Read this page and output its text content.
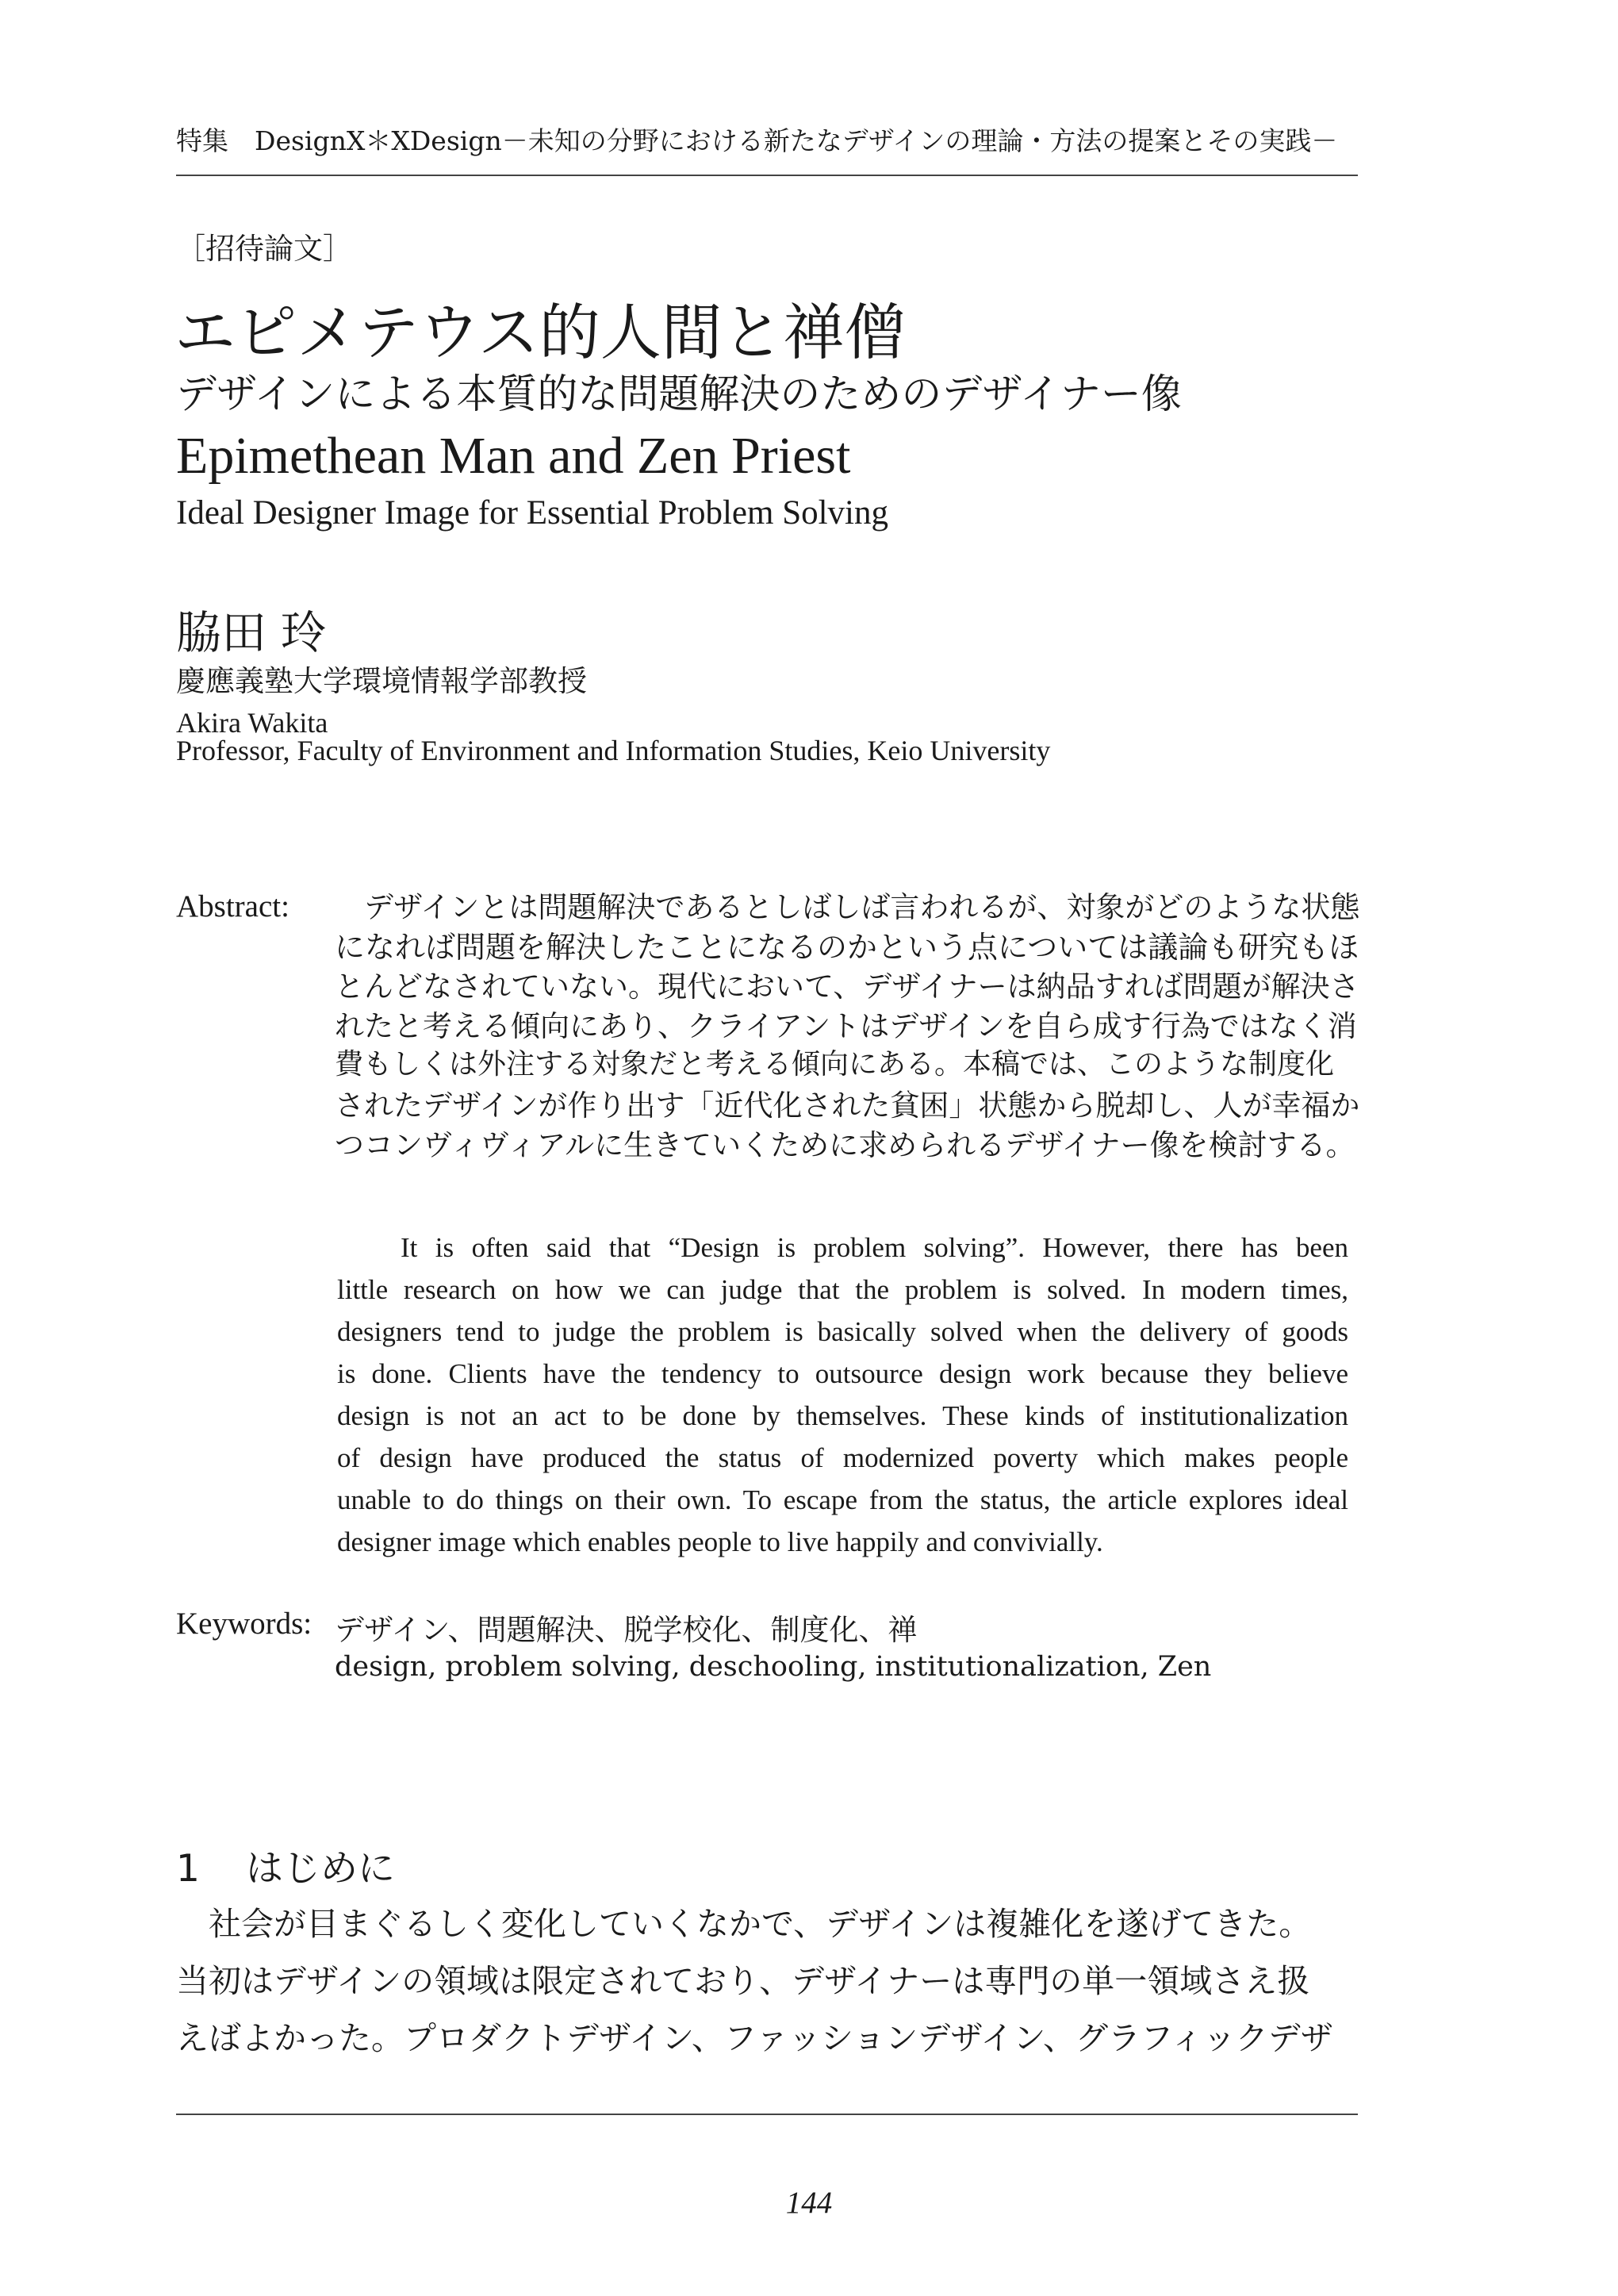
特集　DesignX＊XDesign－未知の分野における新たなデザインの理論・方法の提案とその実践－
［招待論文］
エピメテウス的人間と禅僧
デザインによる本質的な問題解決のためのデザイナー像
Epimethean Man and Zen Priest
Ideal Designer Image for Essential Problem Solving
脇田 玲
慶應義塾大学環境情報学部教授
Akira Wakita
Professor, Faculty of Environment and Information Studies, Keio University
Abstract: 　デザインとは問題解決であるとしばしば言われるが、対象がどのような状態
になれば問題を解決したことになるのかという点については議論も研究もほ
とんどなされていない。現代において、デザイナーは納品すれば問題が解決さ
れたと考える傾向にあり、クライアントはデザインを自ら成す行為ではなく消
費もしくは外注する対象だと考える傾向にある。本稿では、このような制度化
されたデザインが作り出す「近代化された貧困」状態から脱却し、人が幸福か
つコンヴィヴィアルに生きていくために求められるデザイナー像を検討する。
It is often said that “Design is problem solving”. However, there has been
little research on how we can judge that the problem is solved. In modern times,
designers tend to judge the problem is basically solved when the delivery of goods
is done. Clients have the tendency to outsource design work because they believe
design is not an act to be done by themselves. These kinds of institutionalization
of design have produced the status of modernized poverty which makes people
unable to do things on their own. To escape from the status, the article explores ideal
designer image which enables people to live happily and convivially.
Keywords: デザイン、問題解決、脱学校化、制度化、禅
design, problem solving, deschooling, institutionalization, Zen
1 はじめに
　社会が目まぐるしく変化していくなかで、デザインは複雑化を遂げてきた。
当初はデザインの領域は限定されており、デザイナーは専門の単一領域さえ扱
えばよかった。プロダクトデザイン、ファッションデザイン、グラフィックデザ
144
